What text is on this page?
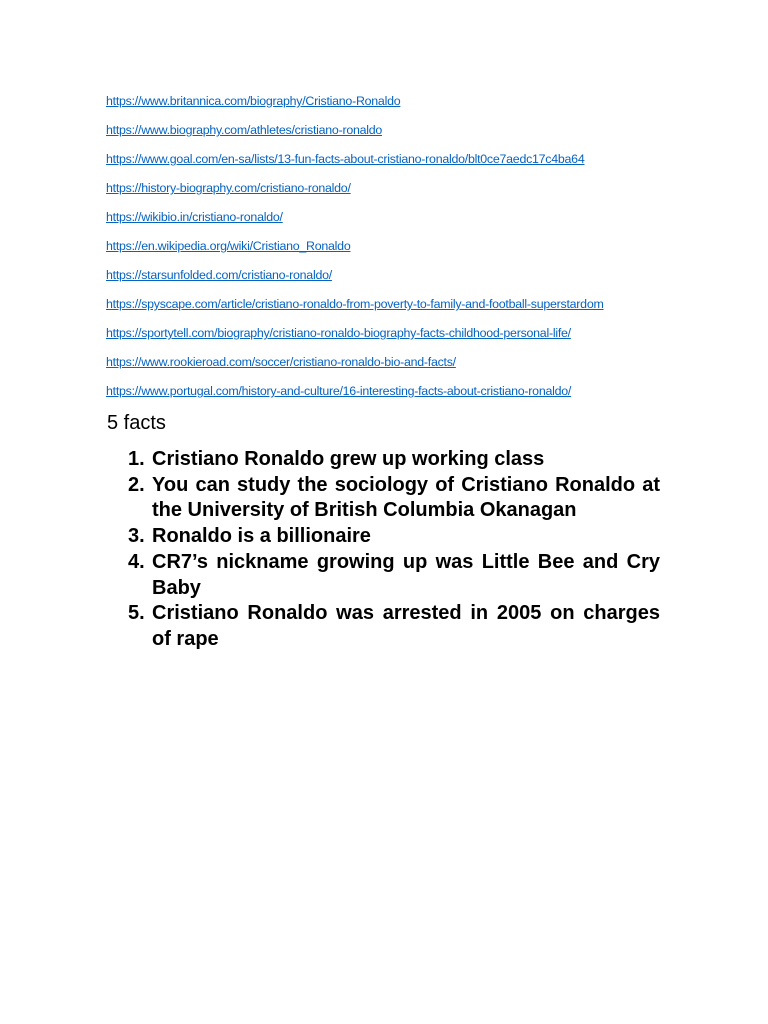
https://www.britannica.com/biography/Cristiano-Ronaldo
https://www.biography.com/athletes/cristiano-ronaldo
https://www.goal.com/en-sa/lists/13-fun-facts-about-cristiano-ronaldo/blt0ce7aedc17c4ba64
https://history-biography.com/cristiano-ronaldo/
https://wikibio.in/cristiano-ronaldo/
https://en.wikipedia.org/wiki/Cristiano_Ronaldo
https://starsunfolded.com/cristiano-ronaldo/
https://spyscape.com/article/cristiano-ronaldo-from-poverty-to-family-and-football-superstardom
https://sportytell.com/biography/cristiano-ronaldo-biography-facts-childhood-personal-life/
https://www.rookieroad.com/soccer/cristiano-ronaldo-bio-and-facts/
https://www.portugal.com/history-and-culture/16-interesting-facts-about-cristiano-ronaldo/
5 facts
1. Cristiano Ronaldo grew up working class
2. You can study the sociology of Cristiano Ronaldo at the University of British Columbia Okanagan
3. Ronaldo is a billionaire
4. CR7’s nickname growing up was Little Bee and Cry Baby
5. Cristiano Ronaldo was arrested in 2005 on charges of rape
